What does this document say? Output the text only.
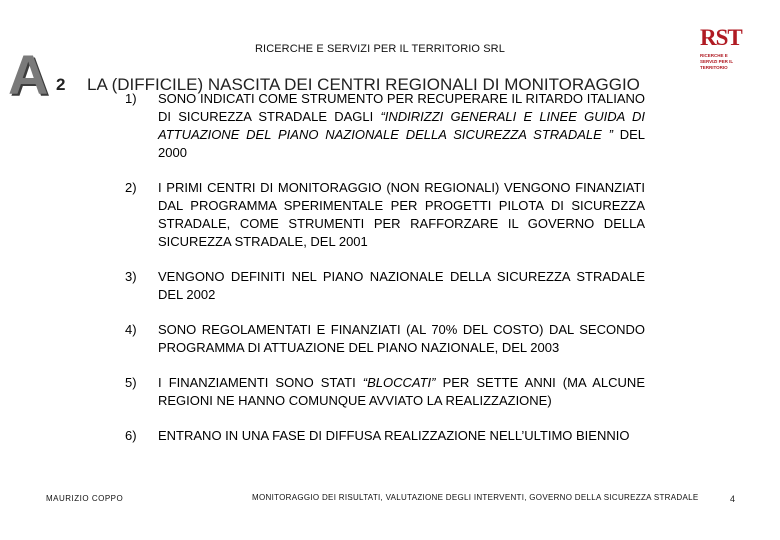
RICERCHE E SERVIZI PER IL TERRITORIO SRL
A 2 LA (DIFFICILE) NASCITA DEI CENTRI REGIONALI DI MONITORAGGIO
RST
RICERCHE E SERVIZI PER IL TERRITORIO
1)	SONO INDICATI COME STRUMENTO PER RECUPERARE IL RITARDO ITALIANO DI SICUREZZA STRADALE DAGLI “INDIRIZZI GENERALI E LINEE GUIDA DI ATTUAZIONE DEL PIANO NAZIONALE DELLA SICUREZZA STRADALE ” DEL 2000
2)	I PRIMI CENTRI DI MONITORAGGIO (NON REGIONALI) VENGONO FINANZIATI DAL PROGRAMMA SPERIMENTALE PER PROGETTI PILOTA DI SICUREZZA STRADALE, COME STRUMENTI PER RAFFORZARE IL GOVERNO DELLA SICUREZZA STRADALE, DEL 2001
3)	VENGONO DEFINITI NEL PIANO NAZIONALE DELLA SICUREZZA STRADALE DEL 2002
4)	SONO REGOLAMENTATI E FINANZIATI (AL 70% DEL COSTO) DAL SECONDO PROGRAMMA DI ATTUAZIONE DEL PIANO NAZIONALE, DEL 2003
5)	I FINANZIAMENTI SONO STATI “BLOCCATI” PER SETTE ANNI (MA ALCUNE REGIONI NE HANNO COMUNQUE AVVIATO LA REALIZZAZIONE)
6)	ENTRANO IN UNA FASE DI DIFFUSA REALIZZAZIONE NELL’ULTIMO BIENNIO
MAURIZIO COPPO	MONITORAGGIO DEI RISULTATI, VALUTAZIONE DEGLI INTERVENTI, GOVERNO DELLA SICUREZZA STRADALE	4
